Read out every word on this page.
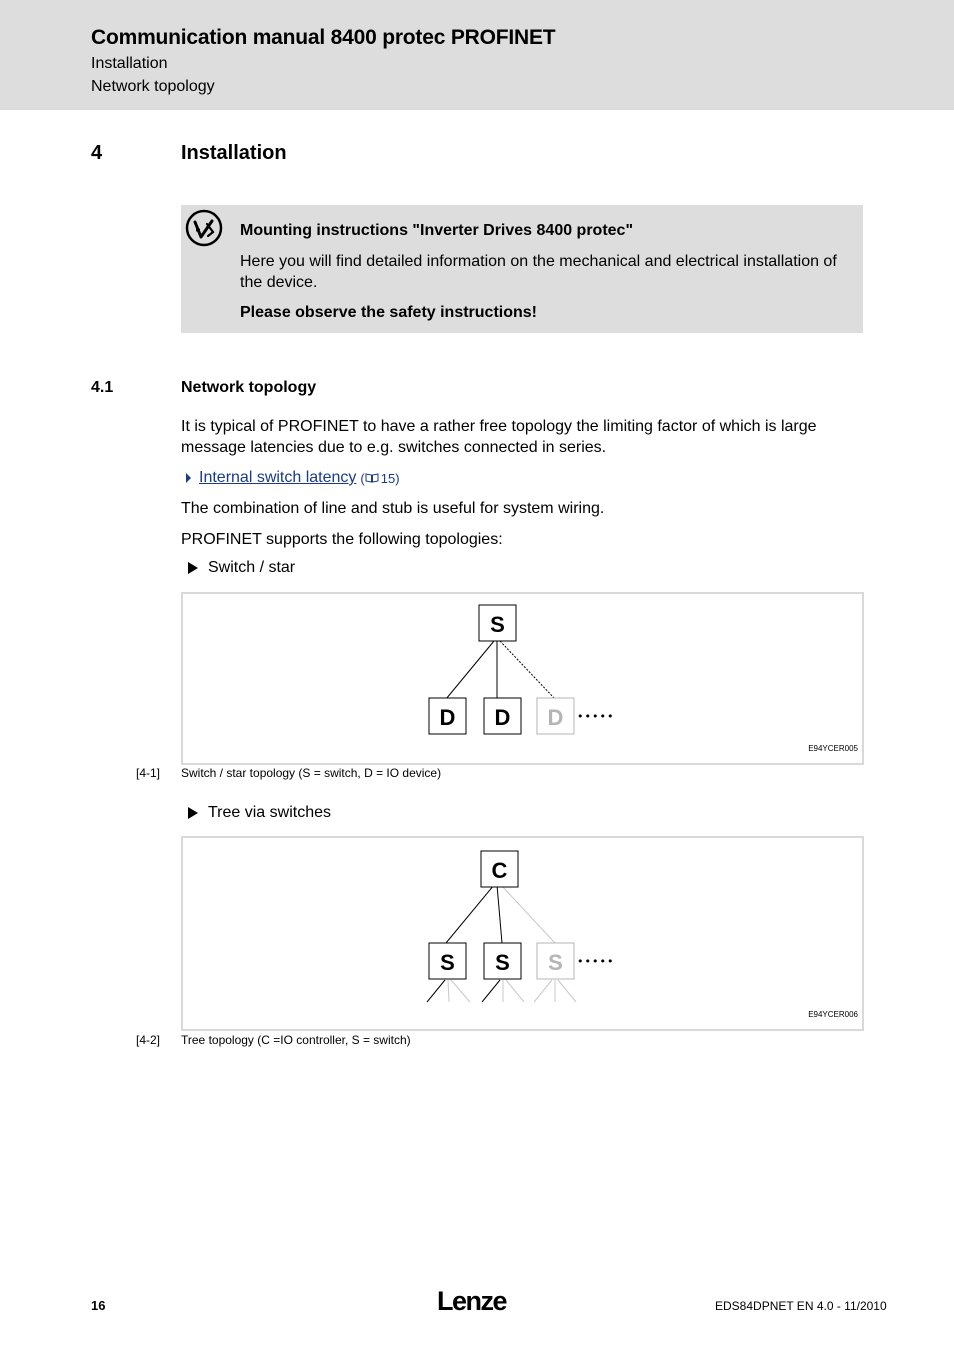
Communication manual 8400 protec PROFINET
Installation
Network topology
4	Installation
Mounting instructions "Inverter Drives 8400 protec"
Here you will find detailed information on the mechanical and electrical installation of the device.
Please observe the safety instructions!
4.1	Network topology
It is typical of PROFINET to have a rather free topology the limiting factor of which is large message latencies due to e.g. switches connected in series.
Internal switch latency ( 15)
The combination of line and stub is useful for system wiring.
PROFINET supports the following topologies:
Switch / star
S
D D D •••••
E94YCER005
[4-1] Switch / star topology (S = switch, D = IO device)
Tree via switches
C
S S S •••••
E94YCER006
[4-2] Tree topology (C =IO controller, S = switch)
16	Lenze	EDS84DPNET EN 4.0 - 11/2010
